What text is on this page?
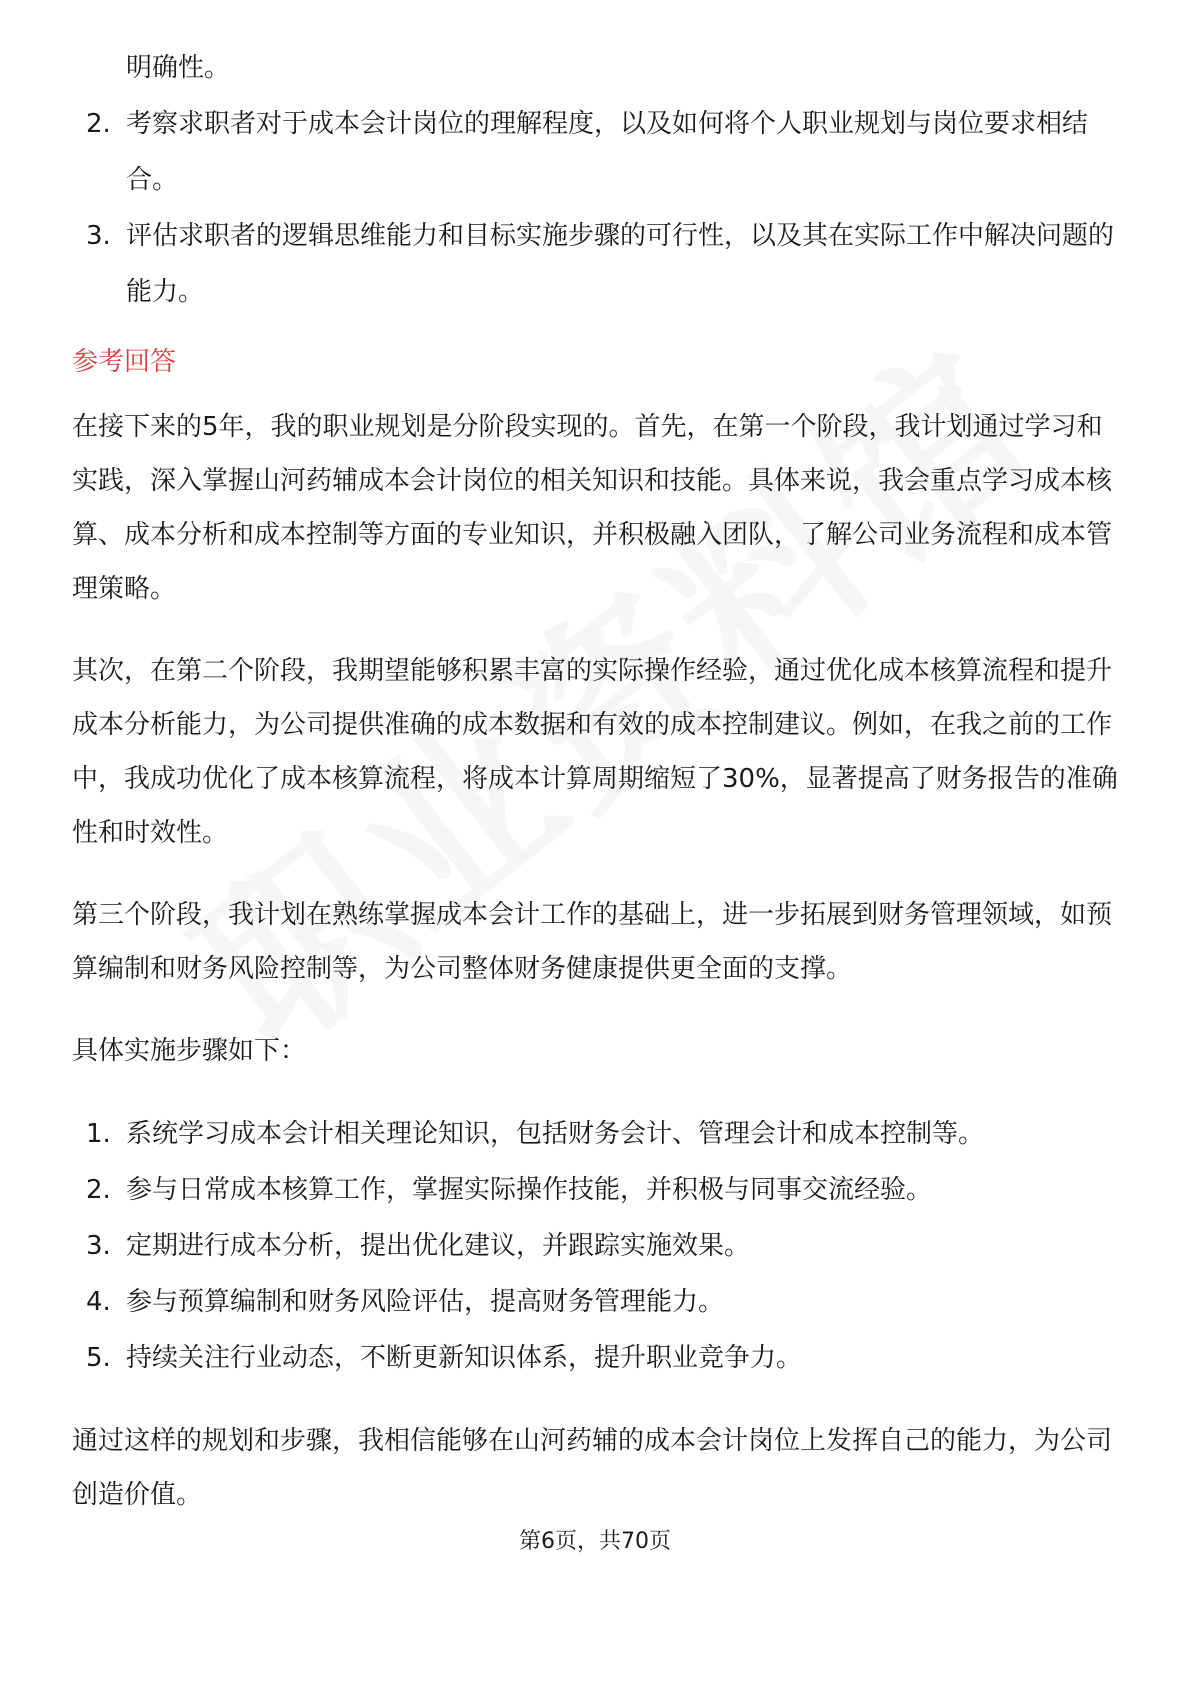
明确性。
2. 考察求职者对于成本会计岗位的理解程度，以及如何将个人职业规划与岗位要求相结合。
3. 评估求职者的逻辑思维能力和目标实施步骤的可行性，以及其在实际工作中解决问题的能力。
参考回答

在接下来的5年，我的职业规划是分阶段实现的。首先，在第一个阶段，我计划通过学习和实践，深入掌握山河药辅成本会计岗位的相关知识和技能。具体来说，我会重点学习成本核算、成本分析和成本控制等方面的专业知识，并积极融入团队，了解公司业务流程和成本管理策略。

其次，在第二个阶段，我期望能够积累丰富的实际操作经验，通过优化成本核算流程和提升成本分析能力，为公司提供准确的成本数据和有效的成本控制建议。例如，在我之前的工作中，我成功优化了成本核算流程，将成本计算周期缩短了30%，显著提高了财务报告的准确性和时效性。

第三个阶段，我计划在熟练掌握成本会计工作的基础上，进一步拓展到财务管理领域，如预算编制和财务风险控制等，为公司整体财务健康提供更全面的支撑。

具体实施步骤如下：

1. 系统学习成本会计相关理论知识，包括财务会计、管理会计和成本控制等。
2. 参与日常成本核算工作，掌握实际操作技能，并积极与同事交流经验。
3. 定期进行成本分析，提出优化建议，并跟踪实施效果。
4. 参与预算编制和财务风险评估，提高财务管理能力。
5. 持续关注行业动态，不断更新知识体系，提升职业竞争力。

通过这样的规划和步骤，我相信能够在山河药辅的成本会计岗位上发挥自己的能力，为公司创造价值。

第6页，共70页
